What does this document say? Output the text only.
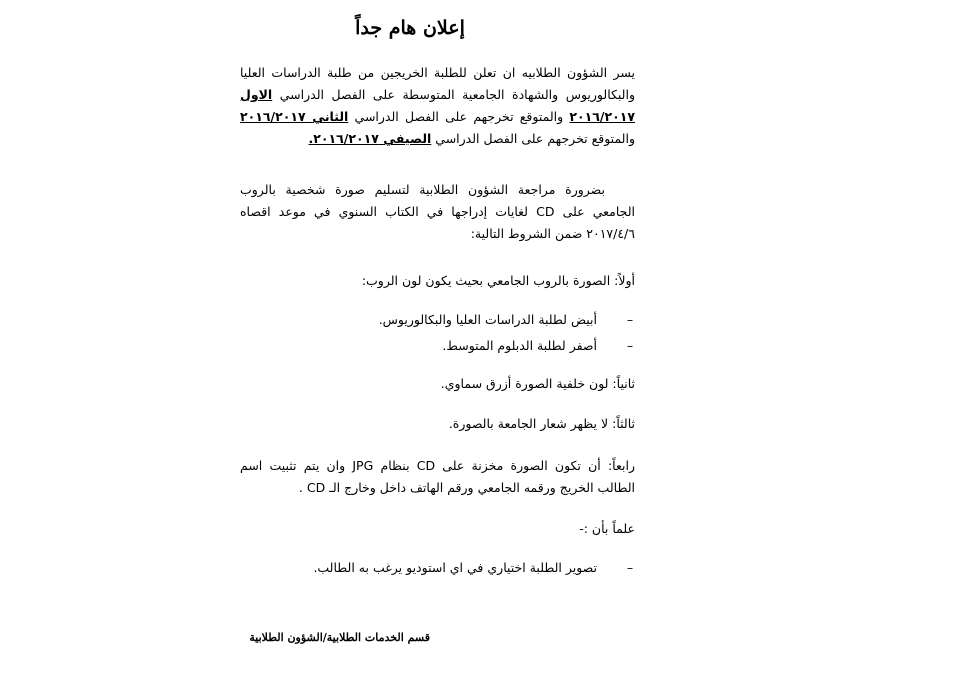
إعلان هام جداً

يسر الشؤون الطلابيه ان تعلن للطلبة الخريجين من طلبة الدراسات العليا والبكالوريوس والشهادة الجامعية المتوسطة على الفصل الدراسي الاول ٢٠١٦/٢٠١٧ والمتوقع تخرجهم على الفصل الدراسي الثاني ٢٠١٦/٢٠١٧ والمتوقع تخرجهم على الفصل الدراسي الصيفي ٢٠١٦/٢٠١٧.

بضرورة مراجعة الشؤون الطلابية لتسليم صورة شخصية بالروب الجامعي على CD لغايات إدراجها في الكتاب السنوي في موعد اقصاه ٢٠١٧/٤/٦ ضمن الشروط التالية:

أولاً: الصورة بالروب الجامعي بحيث يكون لون الروب:

–
أبيض لطلبة الدراسات العليا والبكالوريوس.
–
أصفر لطلبة الدبلوم المتوسط.

ثانياً: لون خلفية الصورة أزرق سماوي.

ثالثاً: لا يظهر شعار الجامعة بالصورة.

رابعاً: أن تكون الصورة مخزنة على CD بنظام JPG وان يتم تثبيت اسم الطالب الخريج ورقمه الجامعي ورقم الهاتف داخل وخارج الـ CD .

علماً بأن :-

–
تصوير الطلبة اختياري في اي استوديو يرغب به الطالب.

قسم الخدمات الطلابية/الشؤون الطلابية
